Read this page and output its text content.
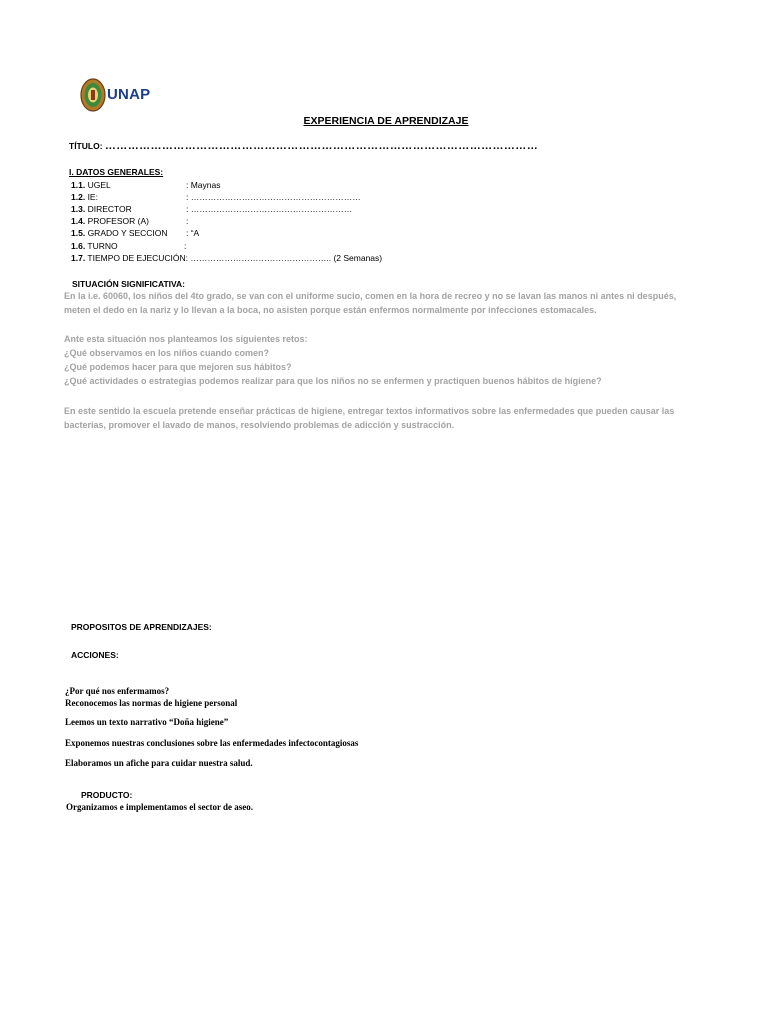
UNAP
EXPERIENCIA DE APRENDIZAJE
TÍTULO: ……………………………………………………………………………………………………
I. DATOS GENERALES:
1.1. UGEL	: Maynas
1.2. IE:	: ……………………………………………………
1.3. DIRECTOR	: …………………………………………………
1.4. PROFESOR (A)	:
1.5. GRADO Y SECCION : “A
1.6. TURNO	:
1.7. TIEMPO DE EJECUCIÓN: ………………………………………….. (2 Semanas)
SITUACIÓN SIGNIFICATIVA:
En la i.e. 60060, los niños del 4to grado, se van con el uniforme sucio, comen en la hora de recreo y no se lavan las manos ni antes ni después, meten el dedo en la nariz y lo llevan a la boca, no asisten porque están enfermos normalmente por infecciones estomacales.
Ante esta situación nos planteamos los siguientes retos:
¿Qué observamos en los niños cuando comen?
¿Qué podemos hacer para que mejoren sus hábitos?
¿Qué actividades o estrategias podemos realizar para que los niños no se enfermen y practiquen buenos hábitos de higiene?
En este sentido la escuela pretende enseñar prácticas de higiene, entregar textos informativos sobre las enfermedades que pueden causar las bacterias, promover el lavado de manos, resolviendo problemas de adicción y sustracción.
PROPOSITOS DE APRENDIZAJES:
ACCIONES:
¿Por qué nos enfermamos?
Reconocemos las normas de higiene personal
Leemos un texto narrativo “Doña higiene”
Exponemos nuestras conclusiones sobre las enfermedades infectocontagiosas
Elaboramos un afiche para cuidar nuestra salud.
PRODUCTO:
Organizamos e implementamos el sector de aseo.
